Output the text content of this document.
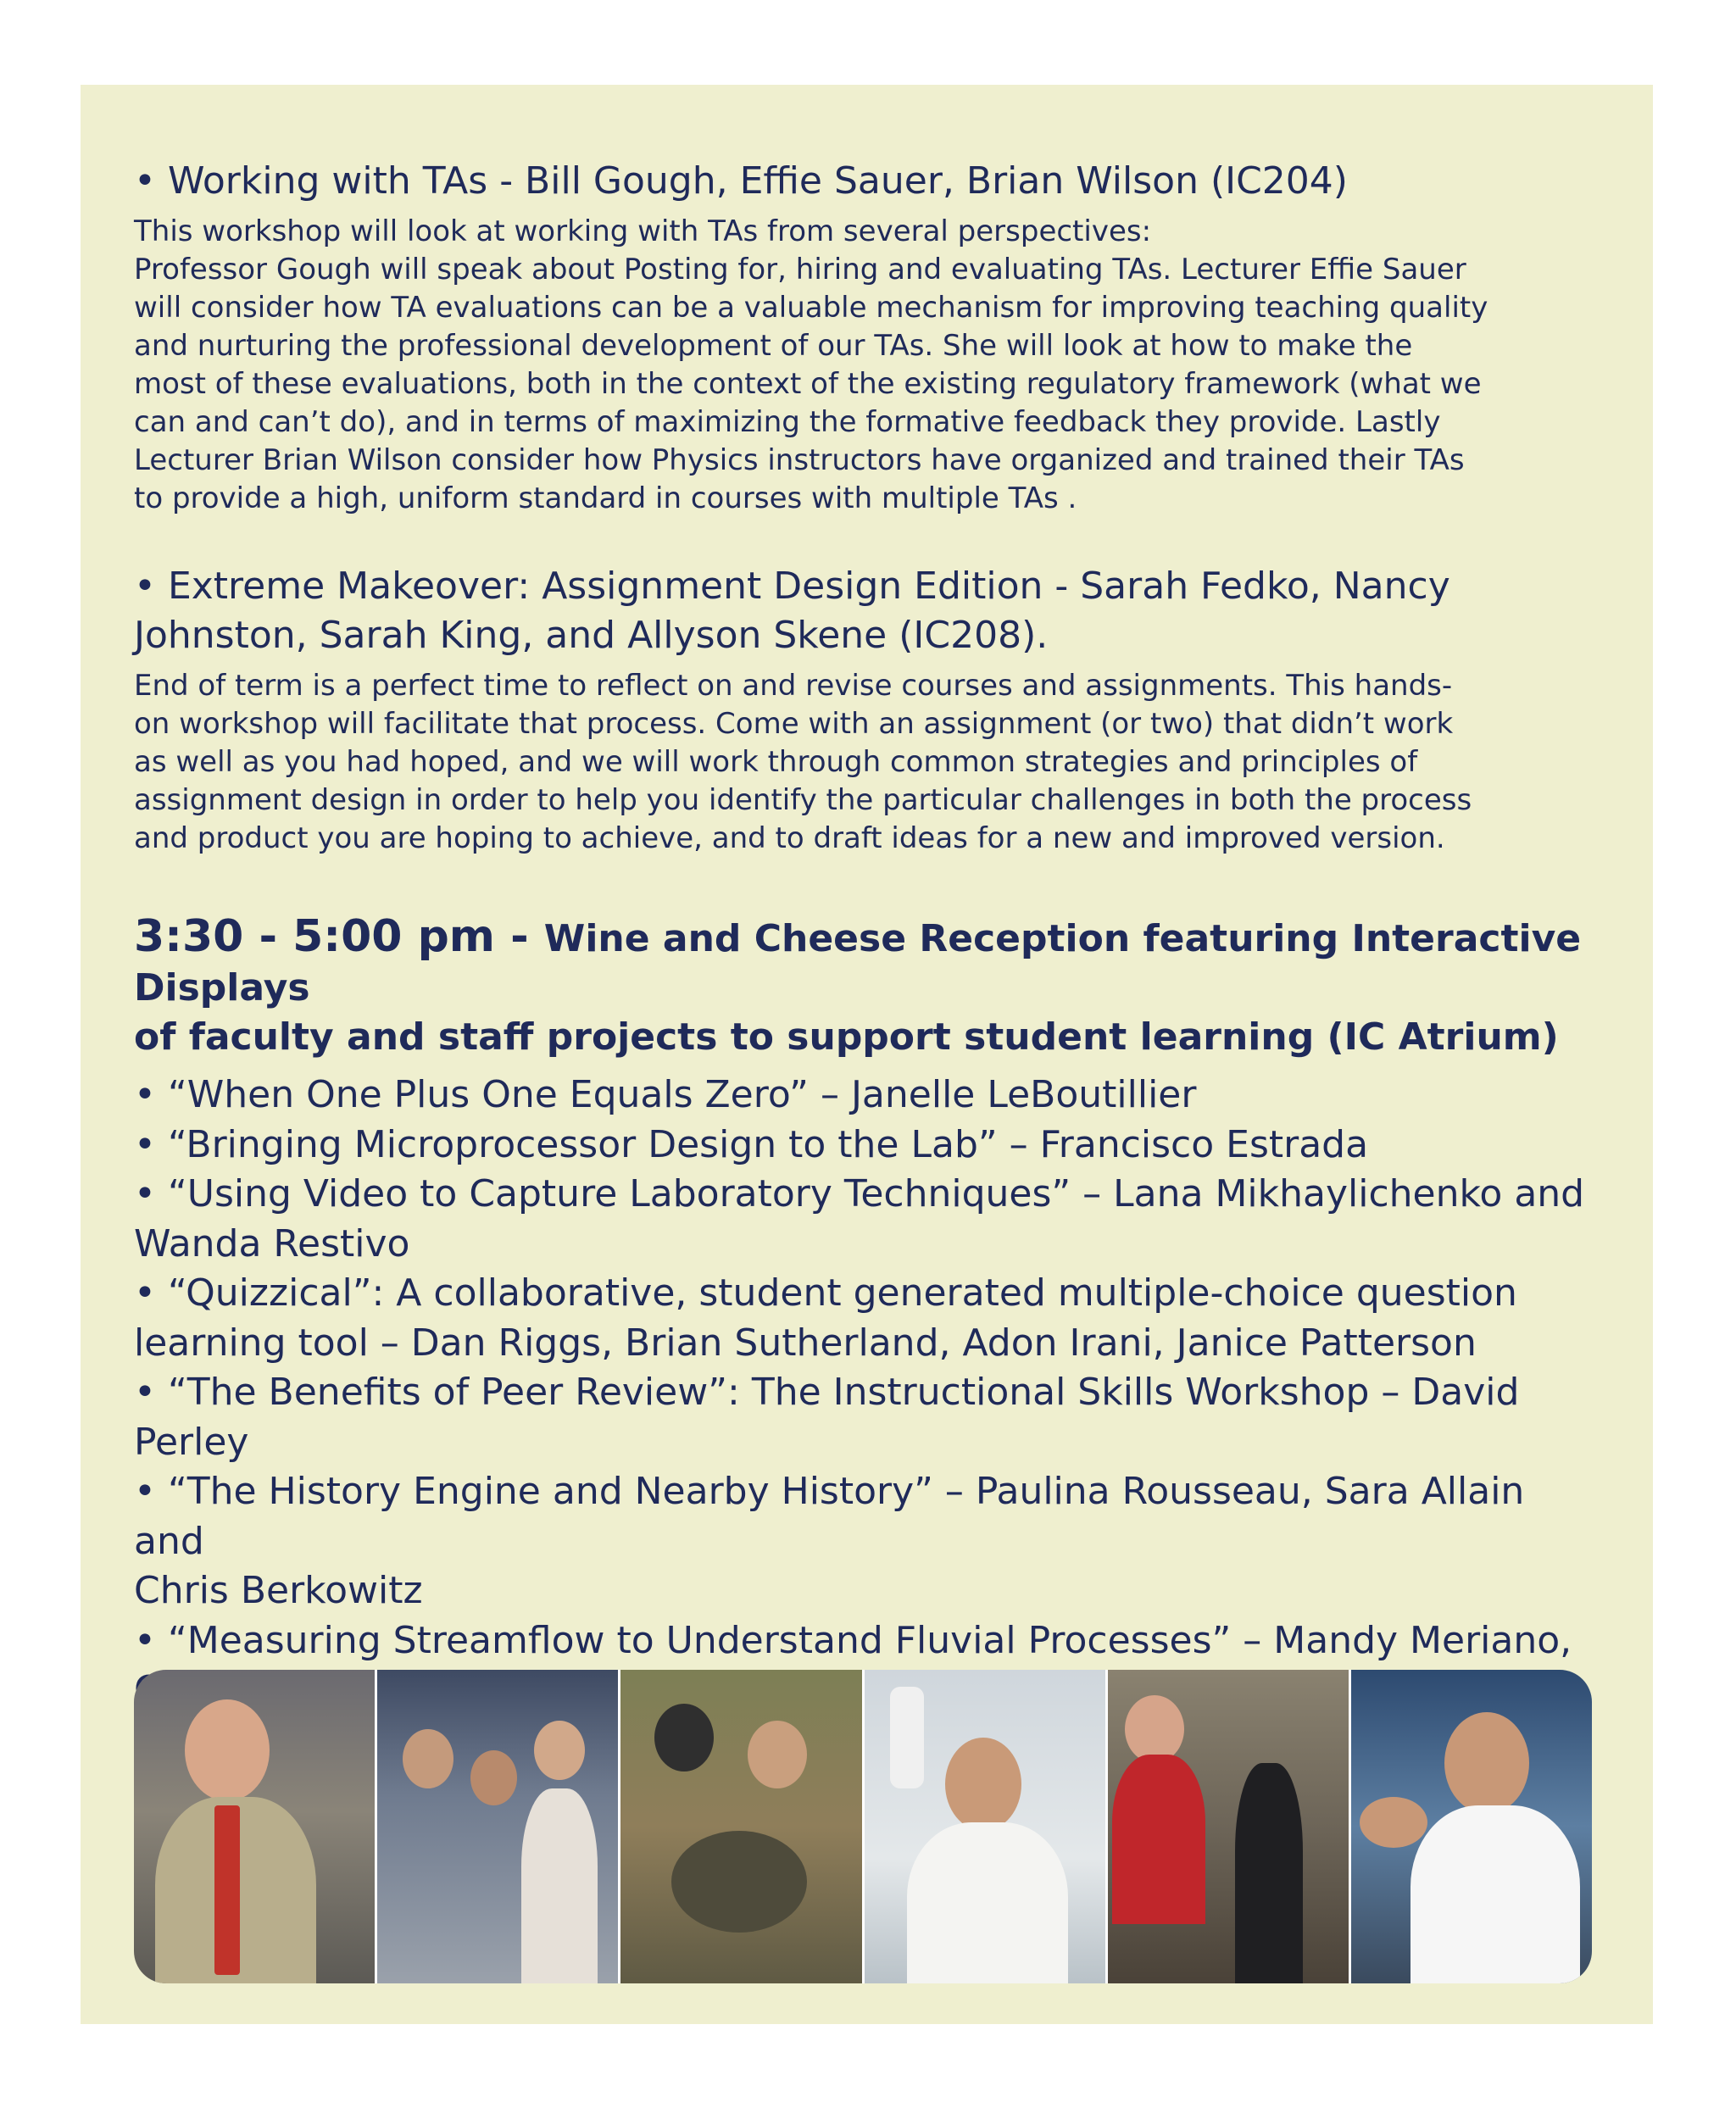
• Working with TAs - Bill Gough, Effie Sauer, Brian Wilson (IC204)

This workshop will look at working with TAs from several perspectives:
Professor Gough will speak about Posting for, hiring and evaluating TAs. Lecturer Effie Sauer
will consider how TA evaluations can be a valuable mechanism for improving teaching quality
and nurturing the professional development of our TAs. She will look at how to make the
most of these evaluations, both in the context of the existing regulatory framework (what we
can and can’t do), and in terms of maximizing the formative feedback they provide. Lastly
Lecturer Brian Wilson consider how Physics instructors have organized and trained their TAs
to provide a high, uniform standard in courses with multiple TAs .

• Extreme Makeover: Assignment Design Edition - Sarah Fedko, Nancy
Johnston, Sarah King, and Allyson Skene (IC208).

End of term is a perfect time to reflect on and revise courses and assignments. This hands-
on workshop will facilitate that process. Come with an assignment (or two) that didn’t work
as well as you had hoped, and we will work through common strategies and principles of
assignment design in order to help you identify the particular challenges in both the process
and product you are hoping to achieve, and to draft ideas for a new and improved version.

3:30 - 5:00 pm - Wine and Cheese Reception featuring Interactive Displays
of faculty and staff projects to support student learning (IC Atrium)

• “When One Plus One Equals Zero” – Janelle LeBoutillier
• “Bringing Microprocessor Design to the Lab” – Francisco Estrada
• “Using Video to Capture Laboratory Techniques” – Lana Mikhaylichenko and
Wanda Restivo
• “Quizzical”: A collaborative, student generated multiple-choice question
learning tool – Dan Riggs, Brian Sutherland, Adon Irani, Janice Patterson
• “The Benefits of Peer Review”: The Instructional Skills Workshop – David
Perley
• “The History Engine and Nearby History” – Paulina Rousseau, Sara Allain and
Chris Berkowitz
• “Measuring Streamflow to Understand Fluvial Processes” – Mandy Meriano,
